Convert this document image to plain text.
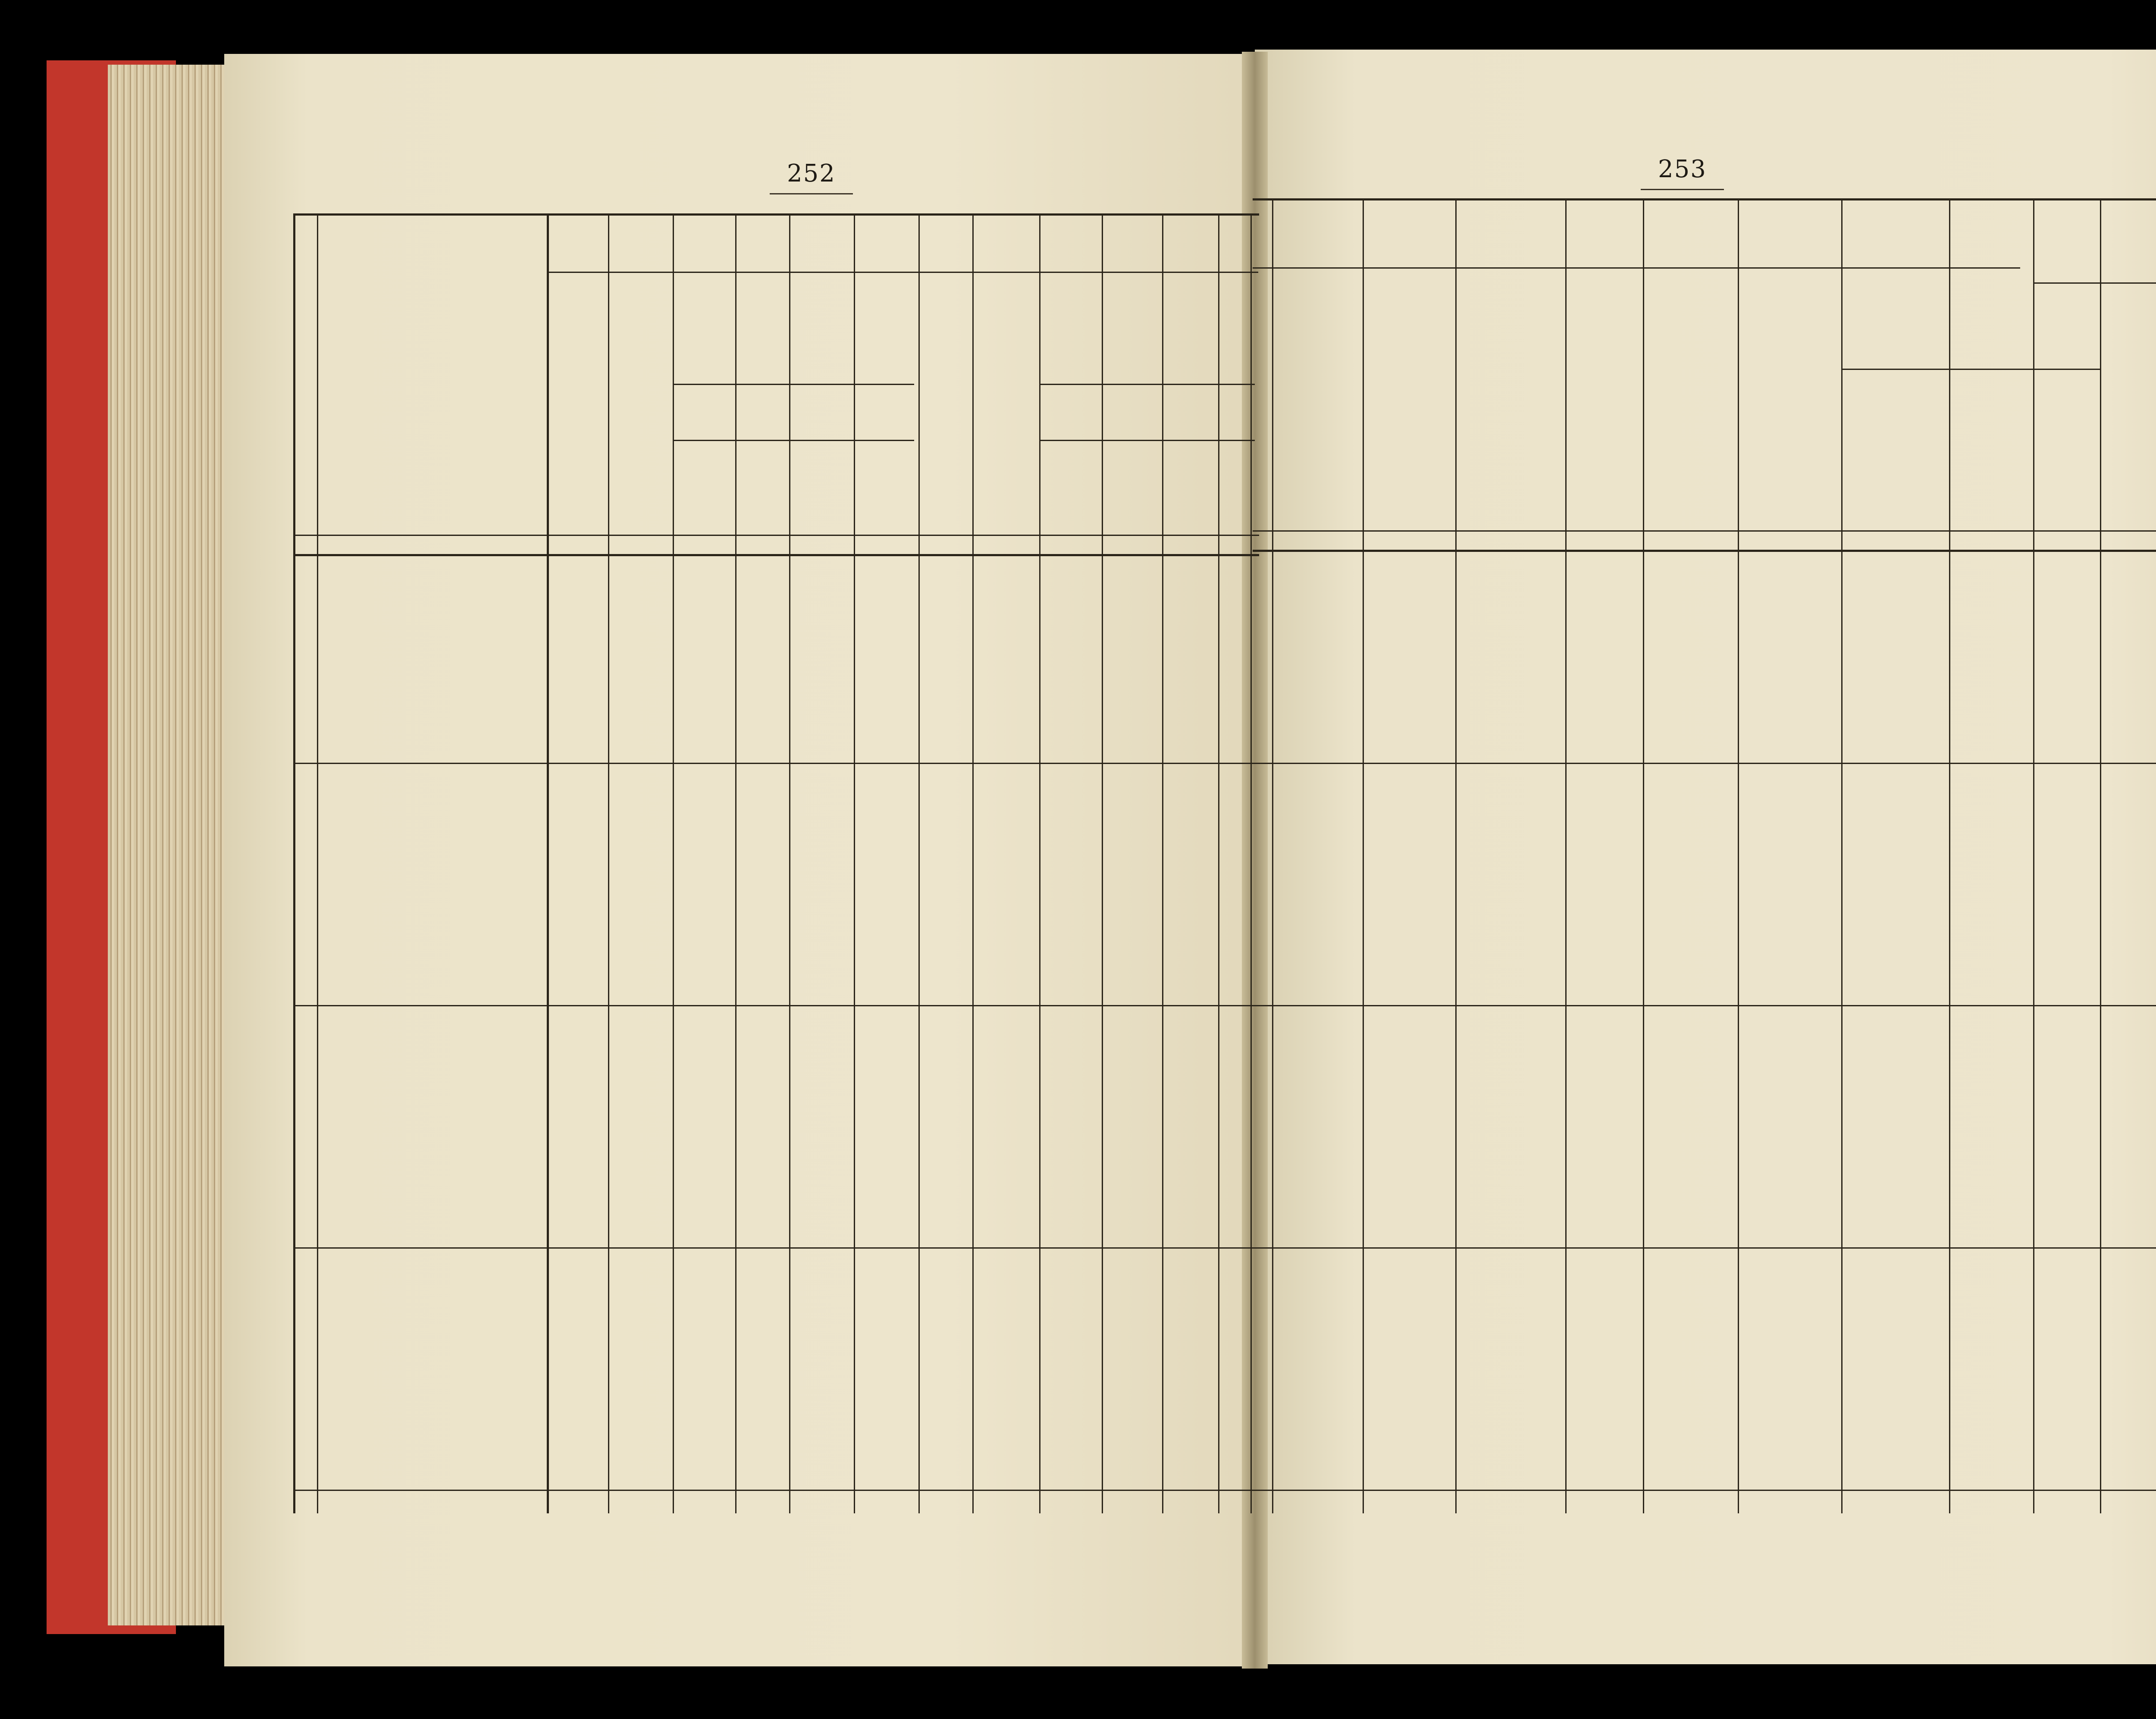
252	253
